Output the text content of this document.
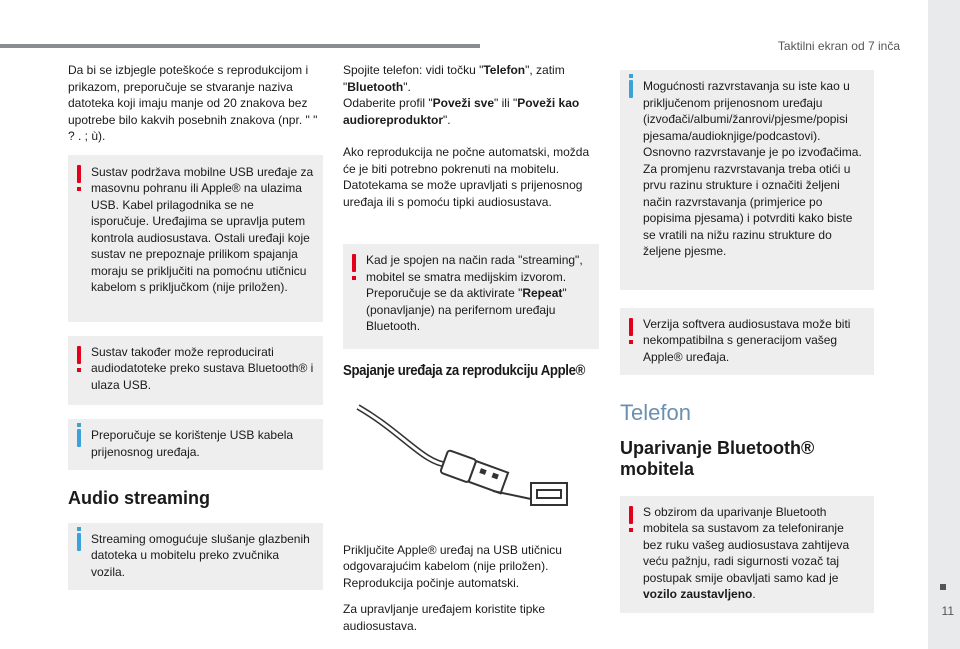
Taktilni ekran od 7 inča
11

Da bi se izbjegle poteškoće s reprodukcijom i prikazom, preporučuje se stvaranje naziva datoteka koji imaju manje od 20 znakova bez upotrebe bilo kakvih posebnih znakova (npr. " " ? . ; ù).

Sustav podržava mobilne USB uređaje za masovnu pohranu ili Apple® na ulazima USB. Kabel prilagodnika se ne isporučuje. Uređajima se upravlja putem kontrola audiosustava. Ostali uređaji koje sustav ne prepoznaje prilikom spajanja moraju se priključiti na pomoćnu utičnicu kabelom s priključkom (nije priložen).
Sustav također može reproducirati audiodatoteke preko sustava Bluetooth® i ulaza USB.
Preporučuje se korištenje USB kabela prijenosnog uređaja.
Audio streaming
Streaming omogućuje slušanje glazbenih datoteka u mobitelu preko zvučnika vozila.

Spojite telefon: vidi točku "Telefon", zatim "Bluetooth".
Odaberite profil "Poveži sve" ili "Poveži kao audioreproduktor".

Ako reprodukcija ne počne automatski, možda će je biti potrebno pokrenuti na mobitelu. Datotekama se može upravljati s prijenosnog uređaja ili s pomoću tipki audiosustava.

Kad je spojen na način rada "streaming", mobitel se smatra medijskim izvorom. Preporučuje se da aktivirate "Repeat" (ponavljanje) na perifernom uređaju Bluetooth.
Spajanje uređaja za reprodukciju Apple®

Priključite Apple® uređaj na USB utičnicu odgovarajućim kabelom (nije priložen). Reprodukcija počinje automatski.

Za upravljanje uređajem koristite tipke audiosustava.

Mogućnosti razvrstavanja su iste kao u priključenom prijenosnom uređaju (izvođači/albumi/žanrovi/pjesme/popisi pjesama/audioknjige/podcastovi). Osnovno razvrstavanje je po izvođačima. Za promjenu razvrstavanja treba otići u prvu razinu strukture i označiti željeni način razvrstavanja (primjerice po popisima pjesama) i potvrditi kako biste se vratili na nižu razinu strukture do željene pjesme.
Verzija softvera audiosustava može biti nekompatibilna s generacijom vašeg Apple® uređaja.
Telefon
Uparivanje Bluetooth® mobitela
S obzirom da uparivanje Bluetooth mobitela sa sustavom za telefoniranje bez ruku vašeg audiosustava zahtijeva veću pažnju, radi sigurnosti vozač taj postupak smije obavljati samo kad je vozilo zaustavljeno.
